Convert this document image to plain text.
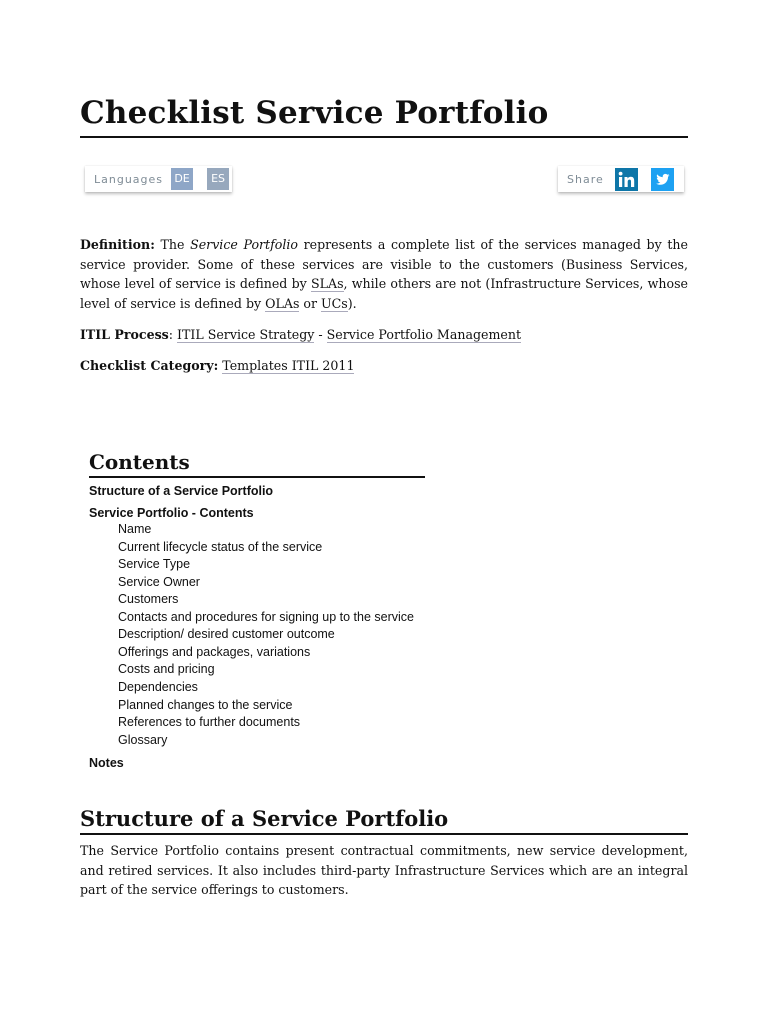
Checklist Service Portfolio
Languages DE	ES	Share

Definition: The Service Portfolio represents a complete list of the services managed by the service provider. Some of these services are visible to the customers (Business Services, whose level of service is defined by SLAs, while others are not (Infrastructure Services, whose level of service is defined by OLAs or UCs).

ITIL Process: ITIL Service Strategy - Service Portfolio Management

Checklist Category: Templates ITIL 2011

Contents
Structure of a Service Portfolio
Service Portfolio - Contents
Name
Current lifecycle status of the service
Service Type
Service Owner
Customers
Contacts and procedures for signing up to the service
Description/ desired customer outcome
Offerings and packages, variations
Costs and pricing
Dependencies
Planned changes to the service
References to further documents
Glossary
Notes
Structure of a Service Portfolio

The Service Portfolio contains present contractual commitments, new service development, and retired services. It also includes third-party Infrastructure Services which are an integral part of the service offerings to customers.
